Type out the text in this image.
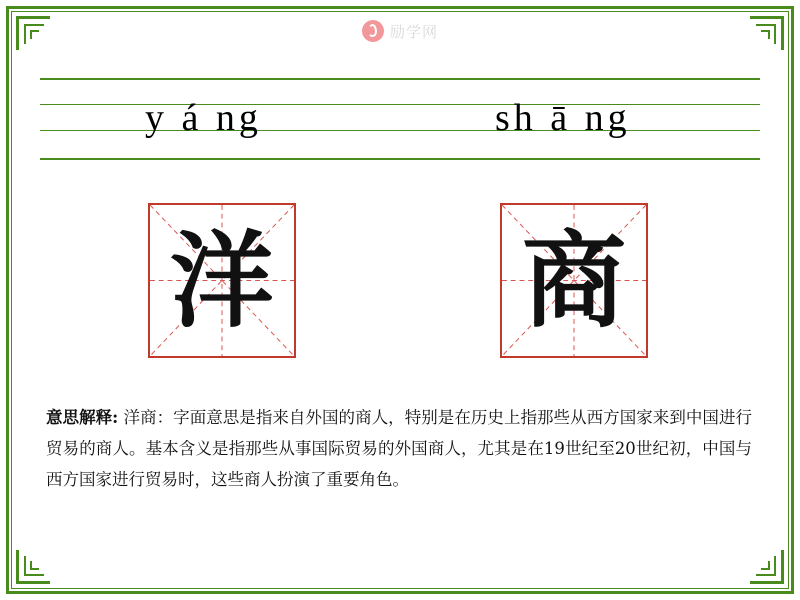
励学网
y á ng	sh ā ng
洋 商
意思解释: 洋商：字面意思是指来自外国的商人，特别是在历史上指那些从西方国家来到中国进行贸易的商人。基本含义是指那些从事国际贸易的外国商人，尤其是在19世纪至20世纪初，中国与西方国家进行贸易时，这些商人扮演了重要角色。
